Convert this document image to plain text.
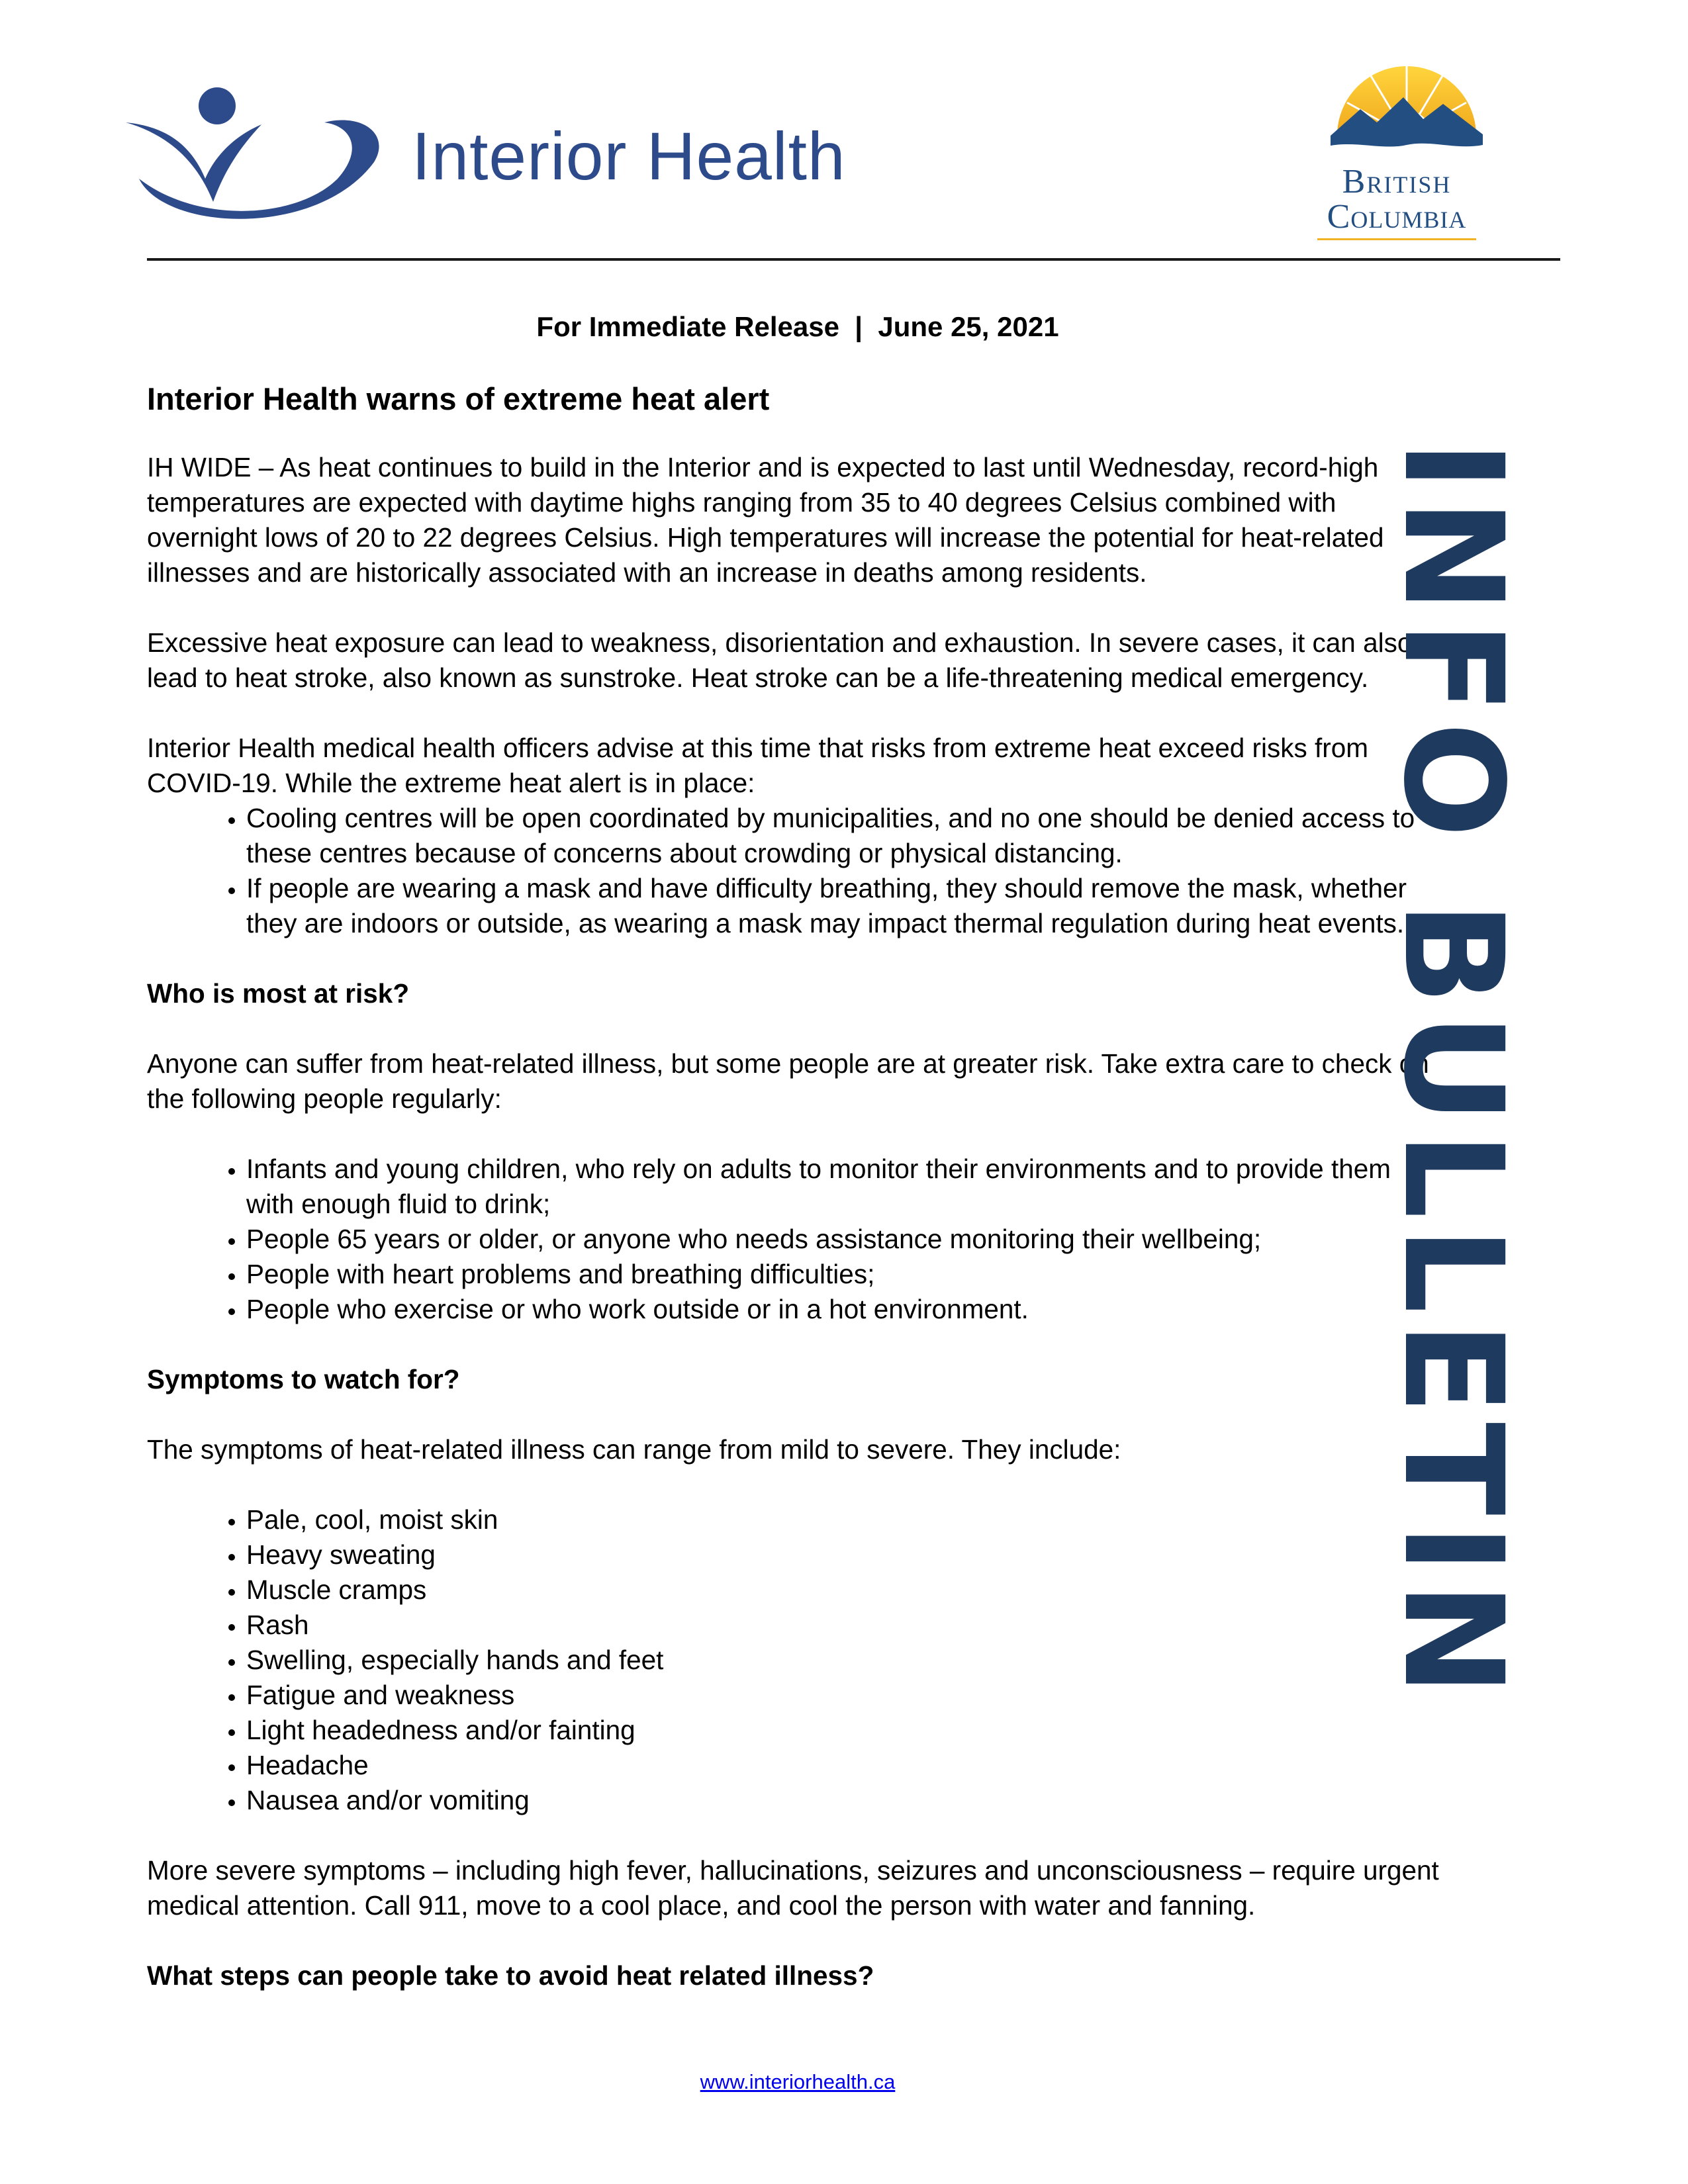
Interior Health	British
Columbia
For Immediate Release  |  June 25, 2021
Interior Health warns of extreme heat alert

IH WIDE – As heat continues to build in the Interior and is expected to last until Wednesday, record-high temperatures are expected with daytime highs ranging from 35 to 40 degrees Celsius combined with overnight lows of 20 to 22 degrees Celsius. High temperatures will increase the potential for heat-related illnesses and are historically associated with an increase in deaths among residents.

Excessive heat exposure can lead to weakness, disorientation and exhaustion. In severe cases, it can also lead to heat stroke, also known as sunstroke. Heat stroke can be a life-threatening medical emergency.

Interior Health medical health officers advise at this time that risks from extreme heat exceed risks from COVID-19. While the extreme heat alert is in place:

• Cooling centres will be open coordinated by municipalities, and no one should be denied access to these centres because of concerns about crowding or physical distancing.
• If people are wearing a mask and have difficulty breathing, they should remove the mask, whether they are indoors or outside, as wearing a mask may impact thermal regulation during heat events.
Who is most at risk?

Anyone can suffer from heat-related illness, but some people are at greater risk. Take extra care to check on the following people regularly:

• Infants and young children, who rely on adults to monitor their environments and to provide them with enough fluid to drink;
• People 65 years or older, or anyone who needs assistance monitoring their wellbeing;
• People with heart problems and breathing difficulties;
• People who exercise or who work outside or in a hot environment.
Symptoms to watch for?

The symptoms of heat-related illness can range from mild to severe. They include:

• Pale, cool, moist skin
• Heavy sweating
• Muscle cramps
• Rash
• Swelling, especially hands and feet
• Fatigue and weakness
• Light headedness and/or fainting
• Headache
• Nausea and/or vomiting

More severe symptoms – including high fever, hallucinations, seizures and unconsciousness – require urgent medical attention. Call 911, move to a cool place, and cool the person with water and fanning.

What steps can people take to avoid heat related illness?
INFO BULLETIN
www.interiorhealth.ca
